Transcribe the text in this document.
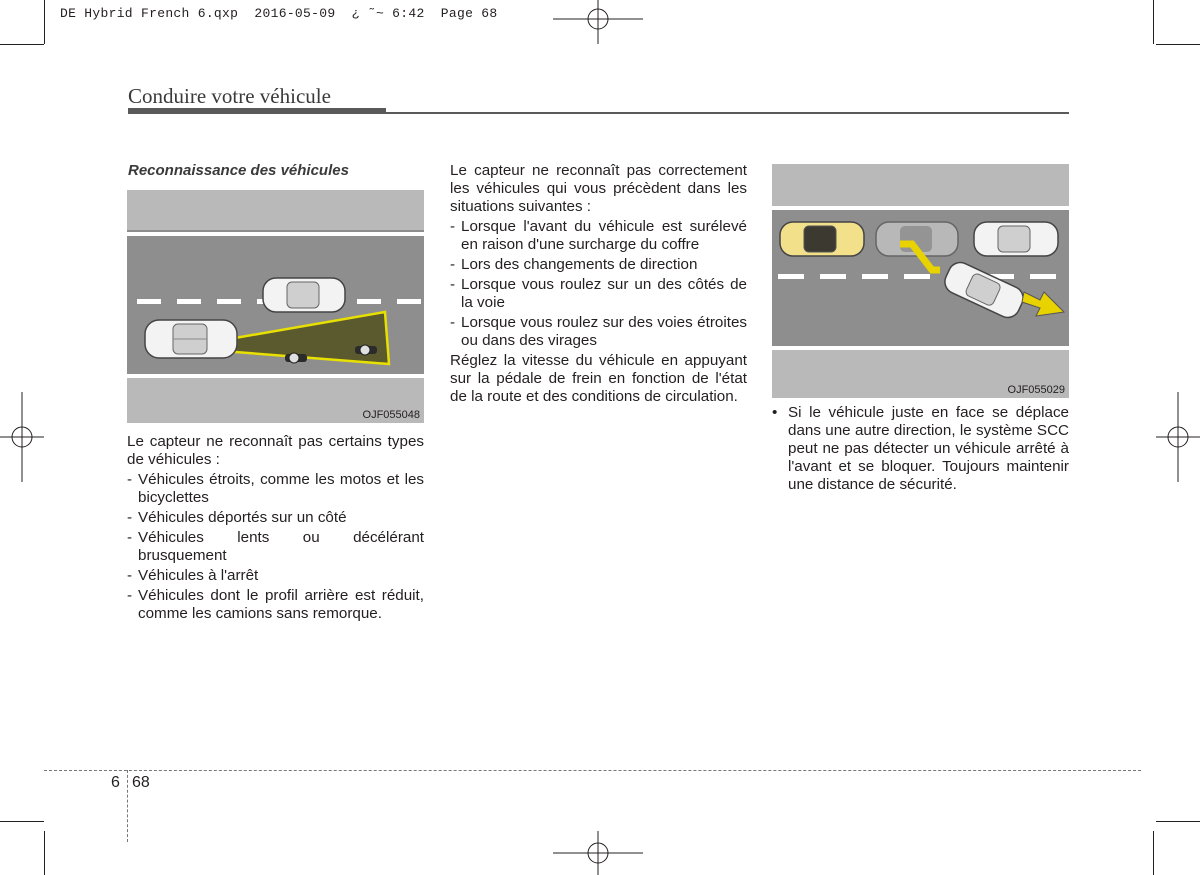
DE Hybrid French 6.qxp  2016-05-09  ¿ ˜~ 6:42  Page 68
Conduire votre véhicule
Reconnaissance des véhicules
OJF055048

Le capteur ne reconnaît pas certains types de véhicules :

- Véhicules étroits, comme les motos et les bicyclettes

- Véhicules déportés sur un côté

- Véhicules lents ou décélérant brusquement

- Véhicules à l'arrêt

- Véhicules dont le profil arrière est réduit, comme les camions sans remorque.

Le capteur ne reconnaît pas correctement les véhicules qui vous précèdent dans les situations suivantes :

- Lorsque l'avant du véhicule est surélevé en raison d'une surcharge du coffre

- Lors des changements de direction

- Lorsque vous roulez sur un des côtés de la voie

- Lorsque vous roulez sur des voies étroites ou dans des virages

Réglez la vitesse du véhicule en appuyant sur la pédale de frein en fonction de l'état de la route et des conditions de circulation.	OJF055029

• Si le véhicule juste en face se déplace dans une autre direction, le système SCC peut ne pas détecter un véhicule arrêté à l'avant et se bloquer. Toujours maintenir une distance de sécurité.

6 68
